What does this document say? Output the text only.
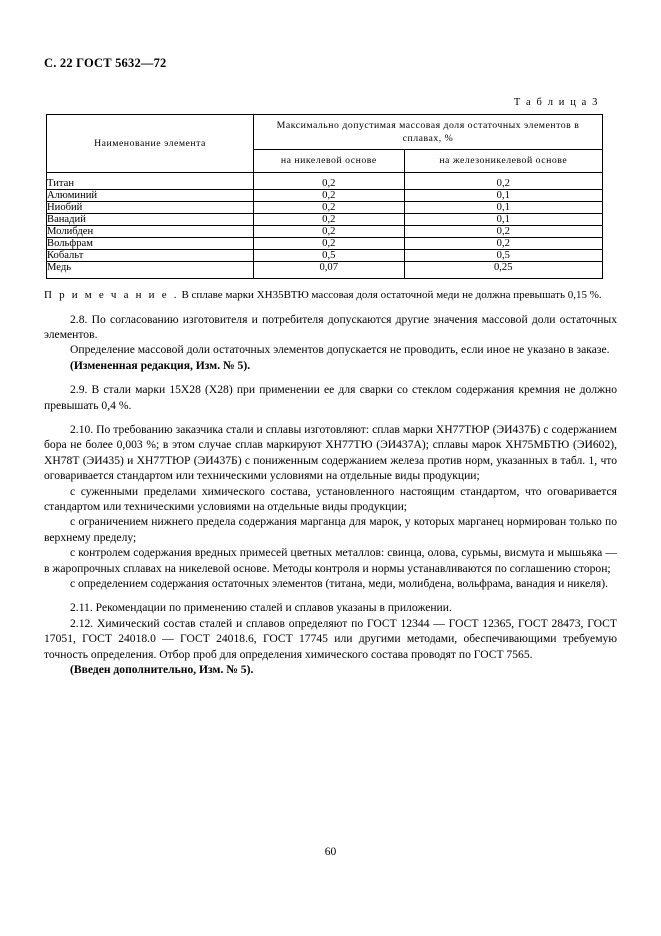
С. 22 ГОСТ 5632—72
Т а б л и ц а 3
Наименование элемента	Максимально допустимая массовая доля остаточных элементов в сплавах, %	
	на никелевой основе	на железоникелевой основе
Титан	0,2	0,2
Алюминий	0,2	0,1
Ниобий	0,2	0,1
Ванадий	0,2	0,1
Молибден	0,2	0,2
Вольфрам	0,2	0,2
Кобальт	0,5	0,5
Медь	0,07	0,25
П р и м е ч а н и е . В сплаве марки ХН35ВТЮ массовая доля остаточной меди не должна превышать 0,15 %.

2.8. По согласованию изготовителя и потребителя допускаются другие значения массовой доли остаточных элементов.

Определение массовой доли остаточных элементов допускается не проводить, если иное не указано в заказе.

(Измененная редакция, Изм. № 5).

2.9. В стали марки 15Х28 (Х28) при применении ее для сварки со стеклом содержания кремния не должно превышать 0,4 %.

2.10. По требованию заказчика стали и сплавы изготовляют: сплав марки ХН77ТЮР (ЭИ437Б) с содержанием бора не более 0,003 %; в этом случае сплав маркируют ХН77ТЮ (ЭИ437А); сплавы марок ХН75МБТЮ (ЭИ602), ХН78Т (ЭИ435) и ХН77ТЮР (ЭИ437Б) с пониженным содержанием железа против норм, указанных в табл. 1, что оговаривается стандартом или техническими условиями на отдельные виды продукции;

с суженными пределами химического состава, установленного настоящим стандартом, что оговаривается стандартом или техническими условиями на отдельные виды продукции;

с ограничением нижнего предела содержания марганца для марок, у которых марганец нормирован только по верхнему пределу;

с контролем содержания вредных примесей цветных металлов: свинца, олова, сурьмы, висмута и мышьяка — в жаропрочных сплавах на никелевой основе. Методы контроля и нормы устанавливаются по соглашению сторон;

с определением содержания остаточных элементов (титана, меди, молибдена, вольфрама, ванадия и никеля).

2.11. Рекомендации по применению сталей и сплавов указаны в приложении.

2.12. Химический состав сталей и сплавов определяют по ГОСТ 12344 — ГОСТ 12365, ГОСТ 28473, ГОСТ 17051, ГОСТ 24018.0 — ГОСТ 24018.6, ГОСТ 17745 или другими методами, обеспечивающими требуемую точность определения. Отбор проб для определения химического состава проводят по ГОСТ 7565.

(Введен дополнительно, Изм. № 5).

60
